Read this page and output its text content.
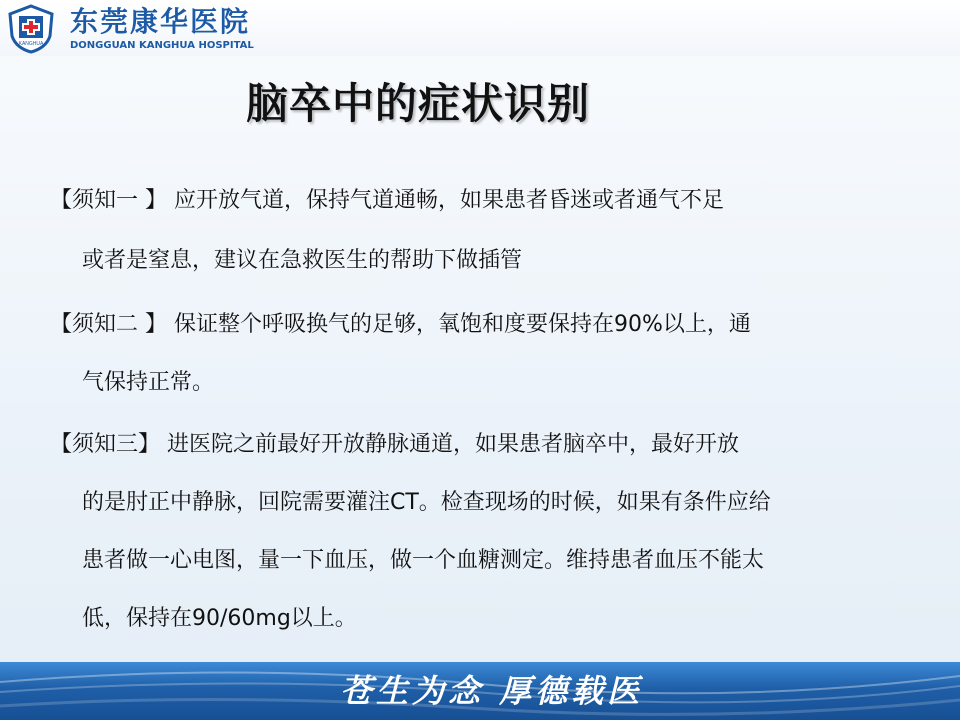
KANGHUA
东莞康华医院
DONGGUAN KANGHUA HOSPITAL
脑卒中的症状识别
【须知一 】 应开放气道，保持气道通畅，如果患者昏迷或者通气不足
或者是窒息，建议在急救医生的帮助下做插管
【须知二 】 保证整个呼吸换气的足够，氧饱和度要保持在90%以上，通
气保持正常。
【须知三】 进医院之前最好开放静脉通道，如果患者脑卒中，最好开放
的是肘正中静脉，回院需要灌注CT。检查现场的时候，如果有条件应给
患者做一心电图，量一下血压，做一个血糖测定。维持患者血压不能太
低，保持在90/60mg以上。
苍生为念 厚德载医
